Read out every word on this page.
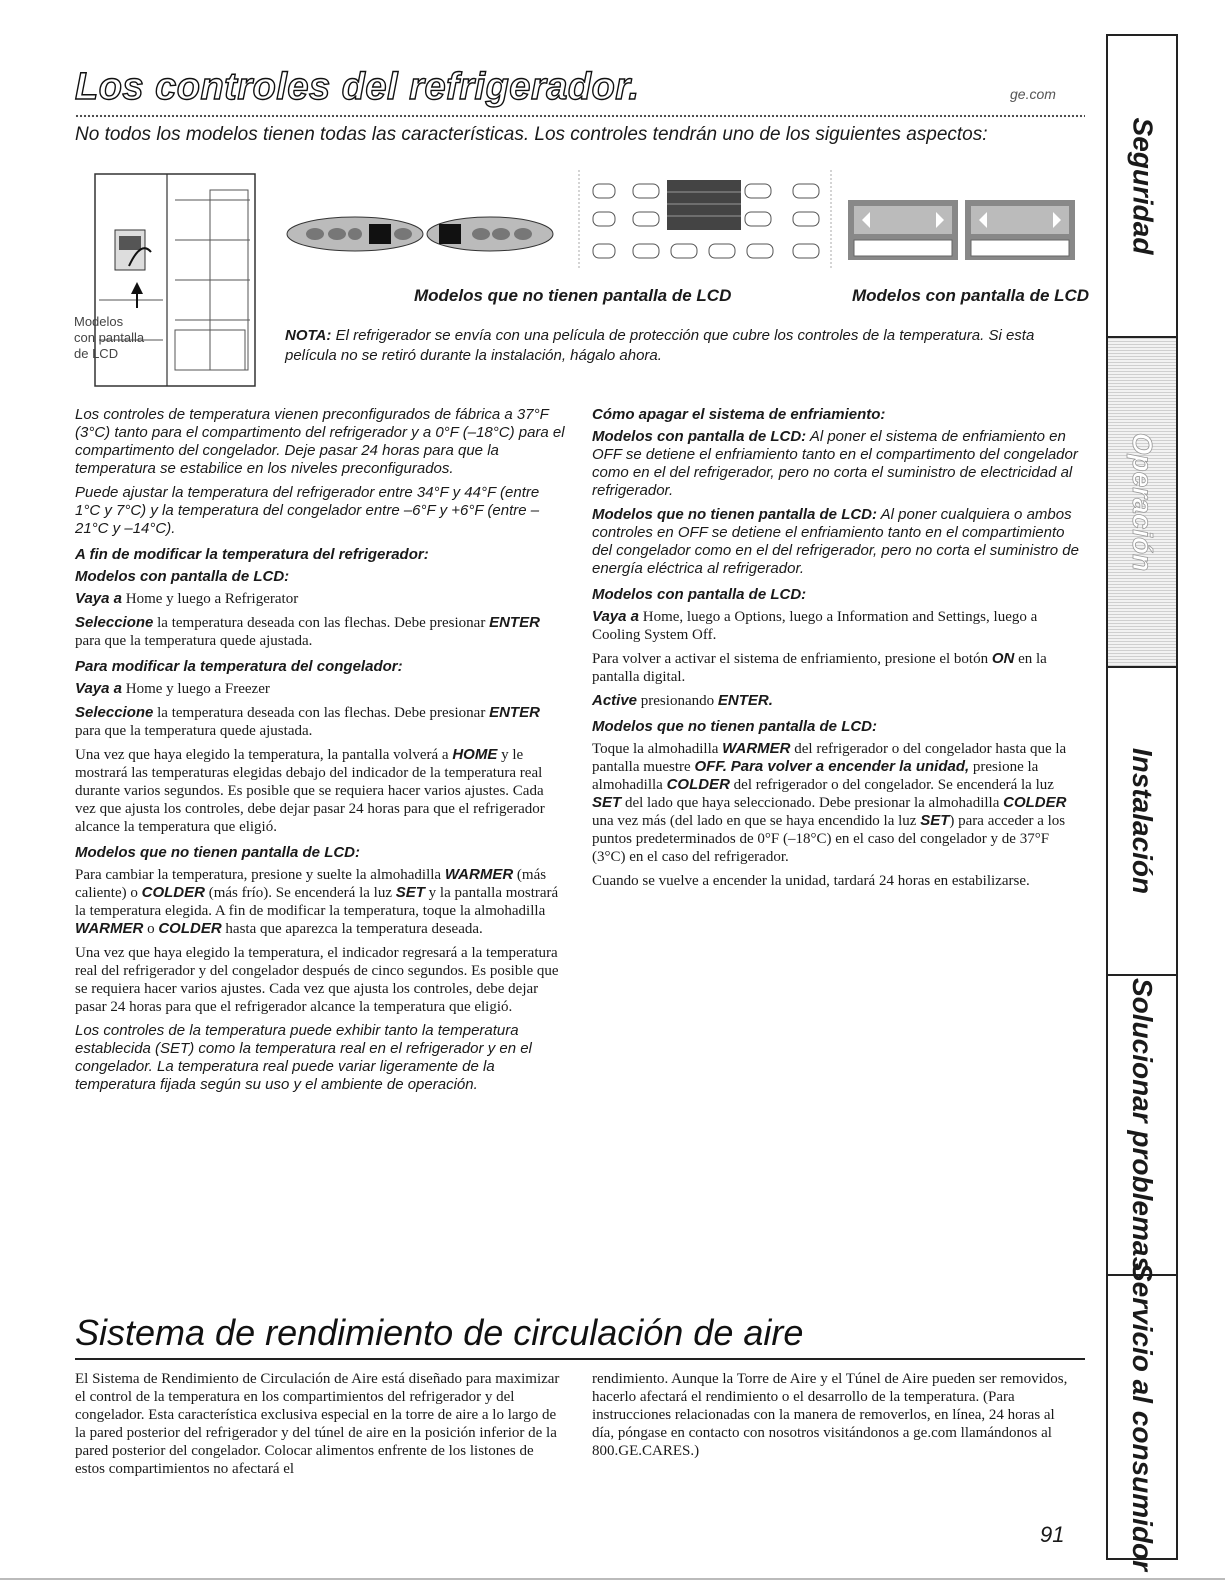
Los controles del refrigerador.	ge.com
No todos los modelos tienen todas las características. Los controles tendrán uno de los siguientes aspectos:	Seguridad
Operación
Instalación
Solucionar problemas
Servicio al consumidor
Modelos
con pantalla
de LCD
Modelos que no tienen pantalla de LCD	Modelos con pantalla de LCD
NOTA: El refrigerador se envía con una película de protección que cubre los controles de la temperatura. Si esta película no se retiró durante la instalación, hágalo ahora.

Los controles de temperatura vienen preconfigurados de fábrica a 37°F (3°C) tanto para el compartimento del refrigerador y a 0°F (–18°C) para el compartimento del congelador. Deje pasar 24 horas para que la temperatura se estabilice en los niveles preconfigurados.

Puede ajustar la temperatura del refrigerador entre 34°F y 44°F (entre 1°C y 7°C) y la temperatura del congelador entre –6°F y +6°F (entre –21°C y –14°C).

A fin de modificar la temperatura del refrigerador:

Modelos con pantalla de LCD:

Vaya a Home y luego a Refrigerator

Seleccione la temperatura deseada con las flechas. Debe presionar ENTER para que la temperatura quede ajustada.

Para modificar la temperatura del congelador:

Vaya a Home y luego a Freezer

Seleccione la temperatura deseada con las flechas. Debe presionar ENTER para que la temperatura quede ajustada.

Una vez que haya elegido la temperatura, la pantalla volverá a HOME y le mostrará las temperaturas elegidas debajo del indicador de la temperatura real durante varios segundos. Es posible que se requiera hacer varios ajustes. Cada vez que ajusta los controles, debe dejar pasar 24 horas para que el refrigerador alcance la temperatura que eligió.

Modelos que no tienen pantalla de LCD:

Para cambiar la temperatura, presione y suelte la almohadilla WARMER (más caliente) o COLDER (más frío). Se encenderá la luz SET y la pantalla mostrará la temperatura elegida. A fin de modificar la temperatura, toque la almohadilla WARMER o COLDER hasta que aparezca la temperatura deseada.

Una vez que haya elegido la temperatura, el indicador regresará a la temperatura real del refrigerador y del congelador después de cinco segundos. Es posible que se requiera hacer varios ajustes. Cada vez que ajusta los controles, debe dejar pasar 24 horas para que el refrigerador alcance la temperatura que eligió.

Los controles de la temperatura puede exhibir tanto la temperatura establecida (SET) como la temperatura real en el refrigerador y en el congelador. La temperatura real puede variar ligeramente de la temperatura fijada según su uso y el ambiente de operación.

Cómo apagar el sistema de enfriamiento:

Modelos con pantalla de LCD: Al poner el sistema de enfriamiento en OFF se detiene el enfriamiento tanto en el compartimento del congelador como en el del refrigerador, pero no corta el suministro de electricidad al refrigerador.

Modelos que no tienen pantalla de LCD: Al poner cualquiera o ambos controles en OFF se detiene el enfriamiento tanto en el compartimiento del congelador como en el del refrigerador, pero no corta el suministro de energía eléctrica al refrigerador.

Modelos con pantalla de LCD:

Vaya a Home, luego a Options, luego a Information and Settings, luego a Cooling System Off.

Para volver a activar el sistema de enfriamiento, presione el botón ON en la pantalla digital.

Active presionando ENTER.

Modelos que no tienen pantalla de LCD:

Toque la almohadilla WARMER del refrigerador o del congelador hasta que la pantalla muestre OFF. Para volver a encender la unidad, presione la almohadilla COLDER del refrigerador o del congelador. Se encenderá la luz SET del lado que haya seleccionado. Debe presionar la almohadilla COLDER una vez más (del lado en que se haya encendido la luz SET) para acceder a los puntos predeterminados de 0°F (–18°C) en el caso del congelador y de 37°F (3°C) en el caso del refrigerador.

Cuando se vuelve a encender la unidad, tardará 24 horas en estabilizarse.

Sistema de rendimiento de circulación de aire
El Sistema de Rendimiento de Circulación de Aire está diseñado para maximizar el control de la temperatura en los compartimientos del refrigerador y del congelador. Esta característica exclusiva especial en la torre de aire a lo largo de la pared posterior del refrigerador y del túnel de aire en la posición inferior de la pared posterior del congelador. Colocar alimentos enfrente de los listones de estos compartimientos no afectará el
rendimiento. Aunque la Torre de Aire y el Túnel de Aire pueden ser removidos, hacerlo afectará el rendimiento o el desarrollo de la temperatura. (Para instrucciones relacionadas con la manera de removerlos, en línea, 24 horas al día, póngase en contacto con nosotros visitándonos a ge.com llamándonos al 800.GE.CARES.)
91
